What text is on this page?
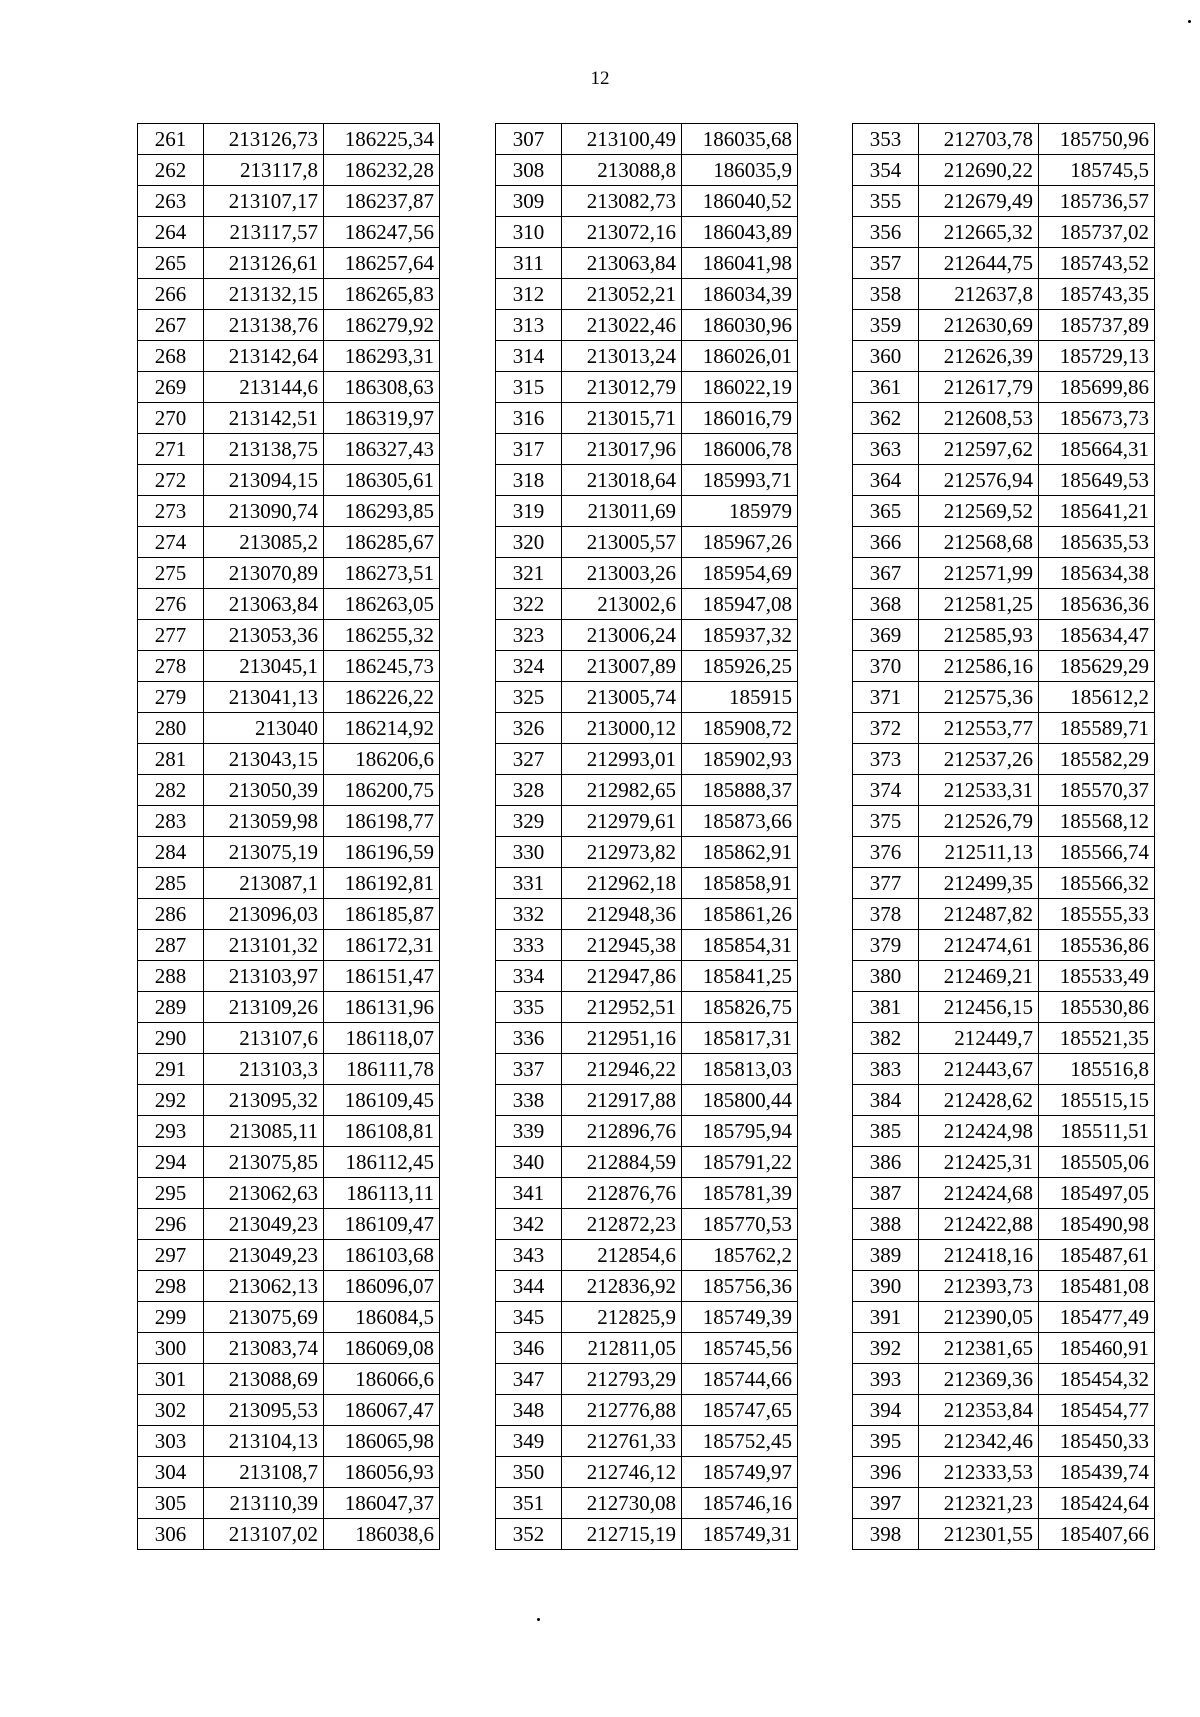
12
261	213126,73	186225,34
262	213117,8	186232,28
263	213107,17	186237,87
264	213117,57	186247,56
265	213126,61	186257,64
266	213132,15	186265,83
267	213138,76	186279,92
268	213142,64	186293,31
269	213144,6	186308,63
270	213142,51	186319,97
271	213138,75	186327,43
272	213094,15	186305,61
273	213090,74	186293,85
274	213085,2	186285,67
275	213070,89	186273,51
276	213063,84	186263,05
277	213053,36	186255,32
278	213045,1	186245,73
279	213041,13	186226,22
280	213040	186214,92
281	213043,15	186206,6
282	213050,39	186200,75
283	213059,98	186198,77
284	213075,19	186196,59
285	213087,1	186192,81
286	213096,03	186185,87
287	213101,32	186172,31
288	213103,97	186151,47
289	213109,26	186131,96
290	213107,6	186118,07
291	213103,3	186111,78
292	213095,32	186109,45
293	213085,11	186108,81
294	213075,85	186112,45
295	213062,63	186113,11
296	213049,23	186109,47
297	213049,23	186103,68
298	213062,13	186096,07
299	213075,69	186084,5
300	213083,74	186069,08
301	213088,69	186066,6
302	213095,53	186067,47
303	213104,13	186065,98
304	213108,7	186056,93
305	213110,39	186047,37
306	213107,02	186038,6
307	213100,49	186035,68
308	213088,8	186035,9
309	213082,73	186040,52
310	213072,16	186043,89
311	213063,84	186041,98
312	213052,21	186034,39
313	213022,46	186030,96
314	213013,24	186026,01
315	213012,79	186022,19
316	213015,71	186016,79
317	213017,96	186006,78
318	213018,64	185993,71
319	213011,69	185979
320	213005,57	185967,26
321	213003,26	185954,69
322	213002,6	185947,08
323	213006,24	185937,32
324	213007,89	185926,25
325	213005,74	185915
326	213000,12	185908,72
327	212993,01	185902,93
328	212982,65	185888,37
329	212979,61	185873,66
330	212973,82	185862,91
331	212962,18	185858,91
332	212948,36	185861,26
333	212945,38	185854,31
334	212947,86	185841,25
335	212952,51	185826,75
336	212951,16	185817,31
337	212946,22	185813,03
338	212917,88	185800,44
339	212896,76	185795,94
340	212884,59	185791,22
341	212876,76	185781,39
342	212872,23	185770,53
343	212854,6	185762,2
344	212836,92	185756,36
345	212825,9	185749,39
346	212811,05	185745,56
347	212793,29	185744,66
348	212776,88	185747,65
349	212761,33	185752,45
350	212746,12	185749,97
351	212730,08	185746,16
352	212715,19	185749,31
353	212703,78	185750,96
354	212690,22	185745,5
355	212679,49	185736,57
356	212665,32	185737,02
357	212644,75	185743,52
358	212637,8	185743,35
359	212630,69	185737,89
360	212626,39	185729,13
361	212617,79	185699,86
362	212608,53	185673,73
363	212597,62	185664,31
364	212576,94	185649,53
365	212569,52	185641,21
366	212568,68	185635,53
367	212571,99	185634,38
368	212581,25	185636,36
369	212585,93	185634,47
370	212586,16	185629,29
371	212575,36	185612,2
372	212553,77	185589,71
373	212537,26	185582,29
374	212533,31	185570,37
375	212526,79	185568,12
376	212511,13	185566,74
377	212499,35	185566,32
378	212487,82	185555,33
379	212474,61	185536,86
380	212469,21	185533,49
381	212456,15	185530,86
382	212449,7	185521,35
383	212443,67	185516,8
384	212428,62	185515,15
385	212424,98	185511,51
386	212425,31	185505,06
387	212424,68	185497,05
388	212422,88	185490,98
389	212418,16	185487,61
390	212393,73	185481,08
391	212390,05	185477,49
392	212381,65	185460,91
393	212369,36	185454,32
394	212353,84	185454,77
395	212342,46	185450,33
396	212333,53	185439,74
397	212321,23	185424,64
398	212301,55	185407,66
